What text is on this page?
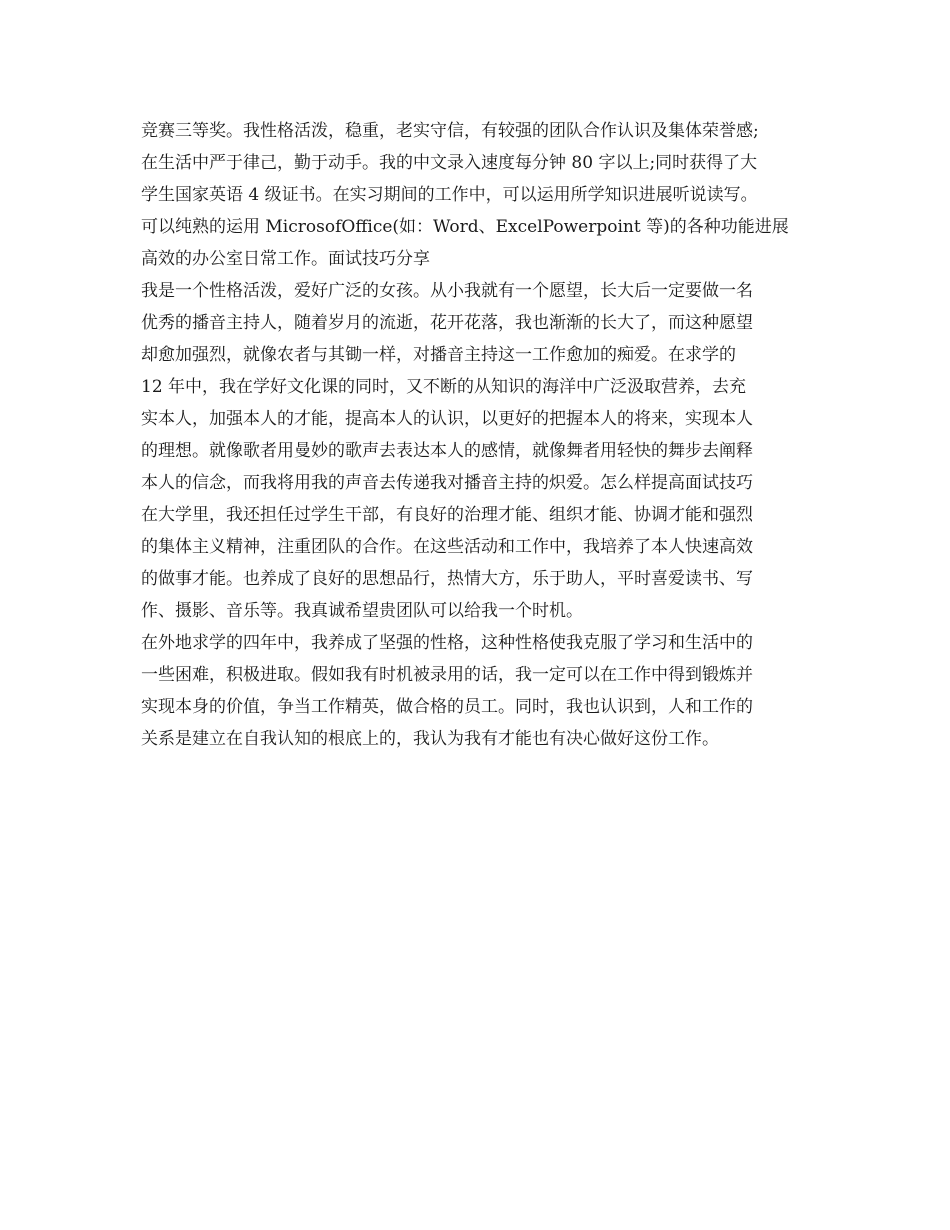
竞赛三等奖。我性格活泼，稳重，老实守信，有较强的团队合作认识及集体荣誉感;
在生活中严于律己，勤于动手。我的中文录入速度每分钟 80 字以上;同时获得了大
学生国家英语 4 级证书。在实习期间的工作中，可以运用所学知识进展听说读写。
可以纯熟的运用 MicrosofOffice(如：Word、ExcelPowerpoint 等)的各种功能进展
高效的办公室日常工作。面试技巧分享
我是一个性格活泼，爱好广泛的女孩。从小我就有一个愿望，长大后一定要做一名
优秀的播音主持人，随着岁月的流逝，花开花落，我也渐渐的长大了，而这种愿望
却愈加强烈，就像农者与其锄一样，对播音主持这一工作愈加的痴爱。在求学的
12 年中，我在学好文化课的同时，又不断的从知识的海洋中广泛汲取营养，去充
实本人，加强本人的才能，提高本人的认识，以更好的把握本人的将来，实现本人
的理想。就像歌者用曼妙的歌声去表达本人的感情，就像舞者用轻快的舞步去阐释
本人的信念，而我将用我的声音去传递我对播音主持的炽爱。怎么样提高面试技巧
在大学里，我还担任过学生干部，有良好的治理才能、组织才能、协调才能和强烈
的集体主义精神，注重团队的合作。在这些活动和工作中，我培养了本人快速高效
的做事才能。也养成了良好的思想品行，热情大方，乐于助人，平时喜爱读书、写
作、摄影、音乐等。我真诚希望贵团队可以给我一个时机。
在外地求学的四年中，我养成了坚强的性格，这种性格使我克服了学习和生活中的
一些困难，积极进取。假如我有时机被录用的话，我一定可以在工作中得到锻炼并
实现本身的价值，争当工作精英，做合格的员工。同时，我也认识到，人和工作的
关系是建立在自我认知的根底上的，我认为我有才能也有决心做好这份工作。
